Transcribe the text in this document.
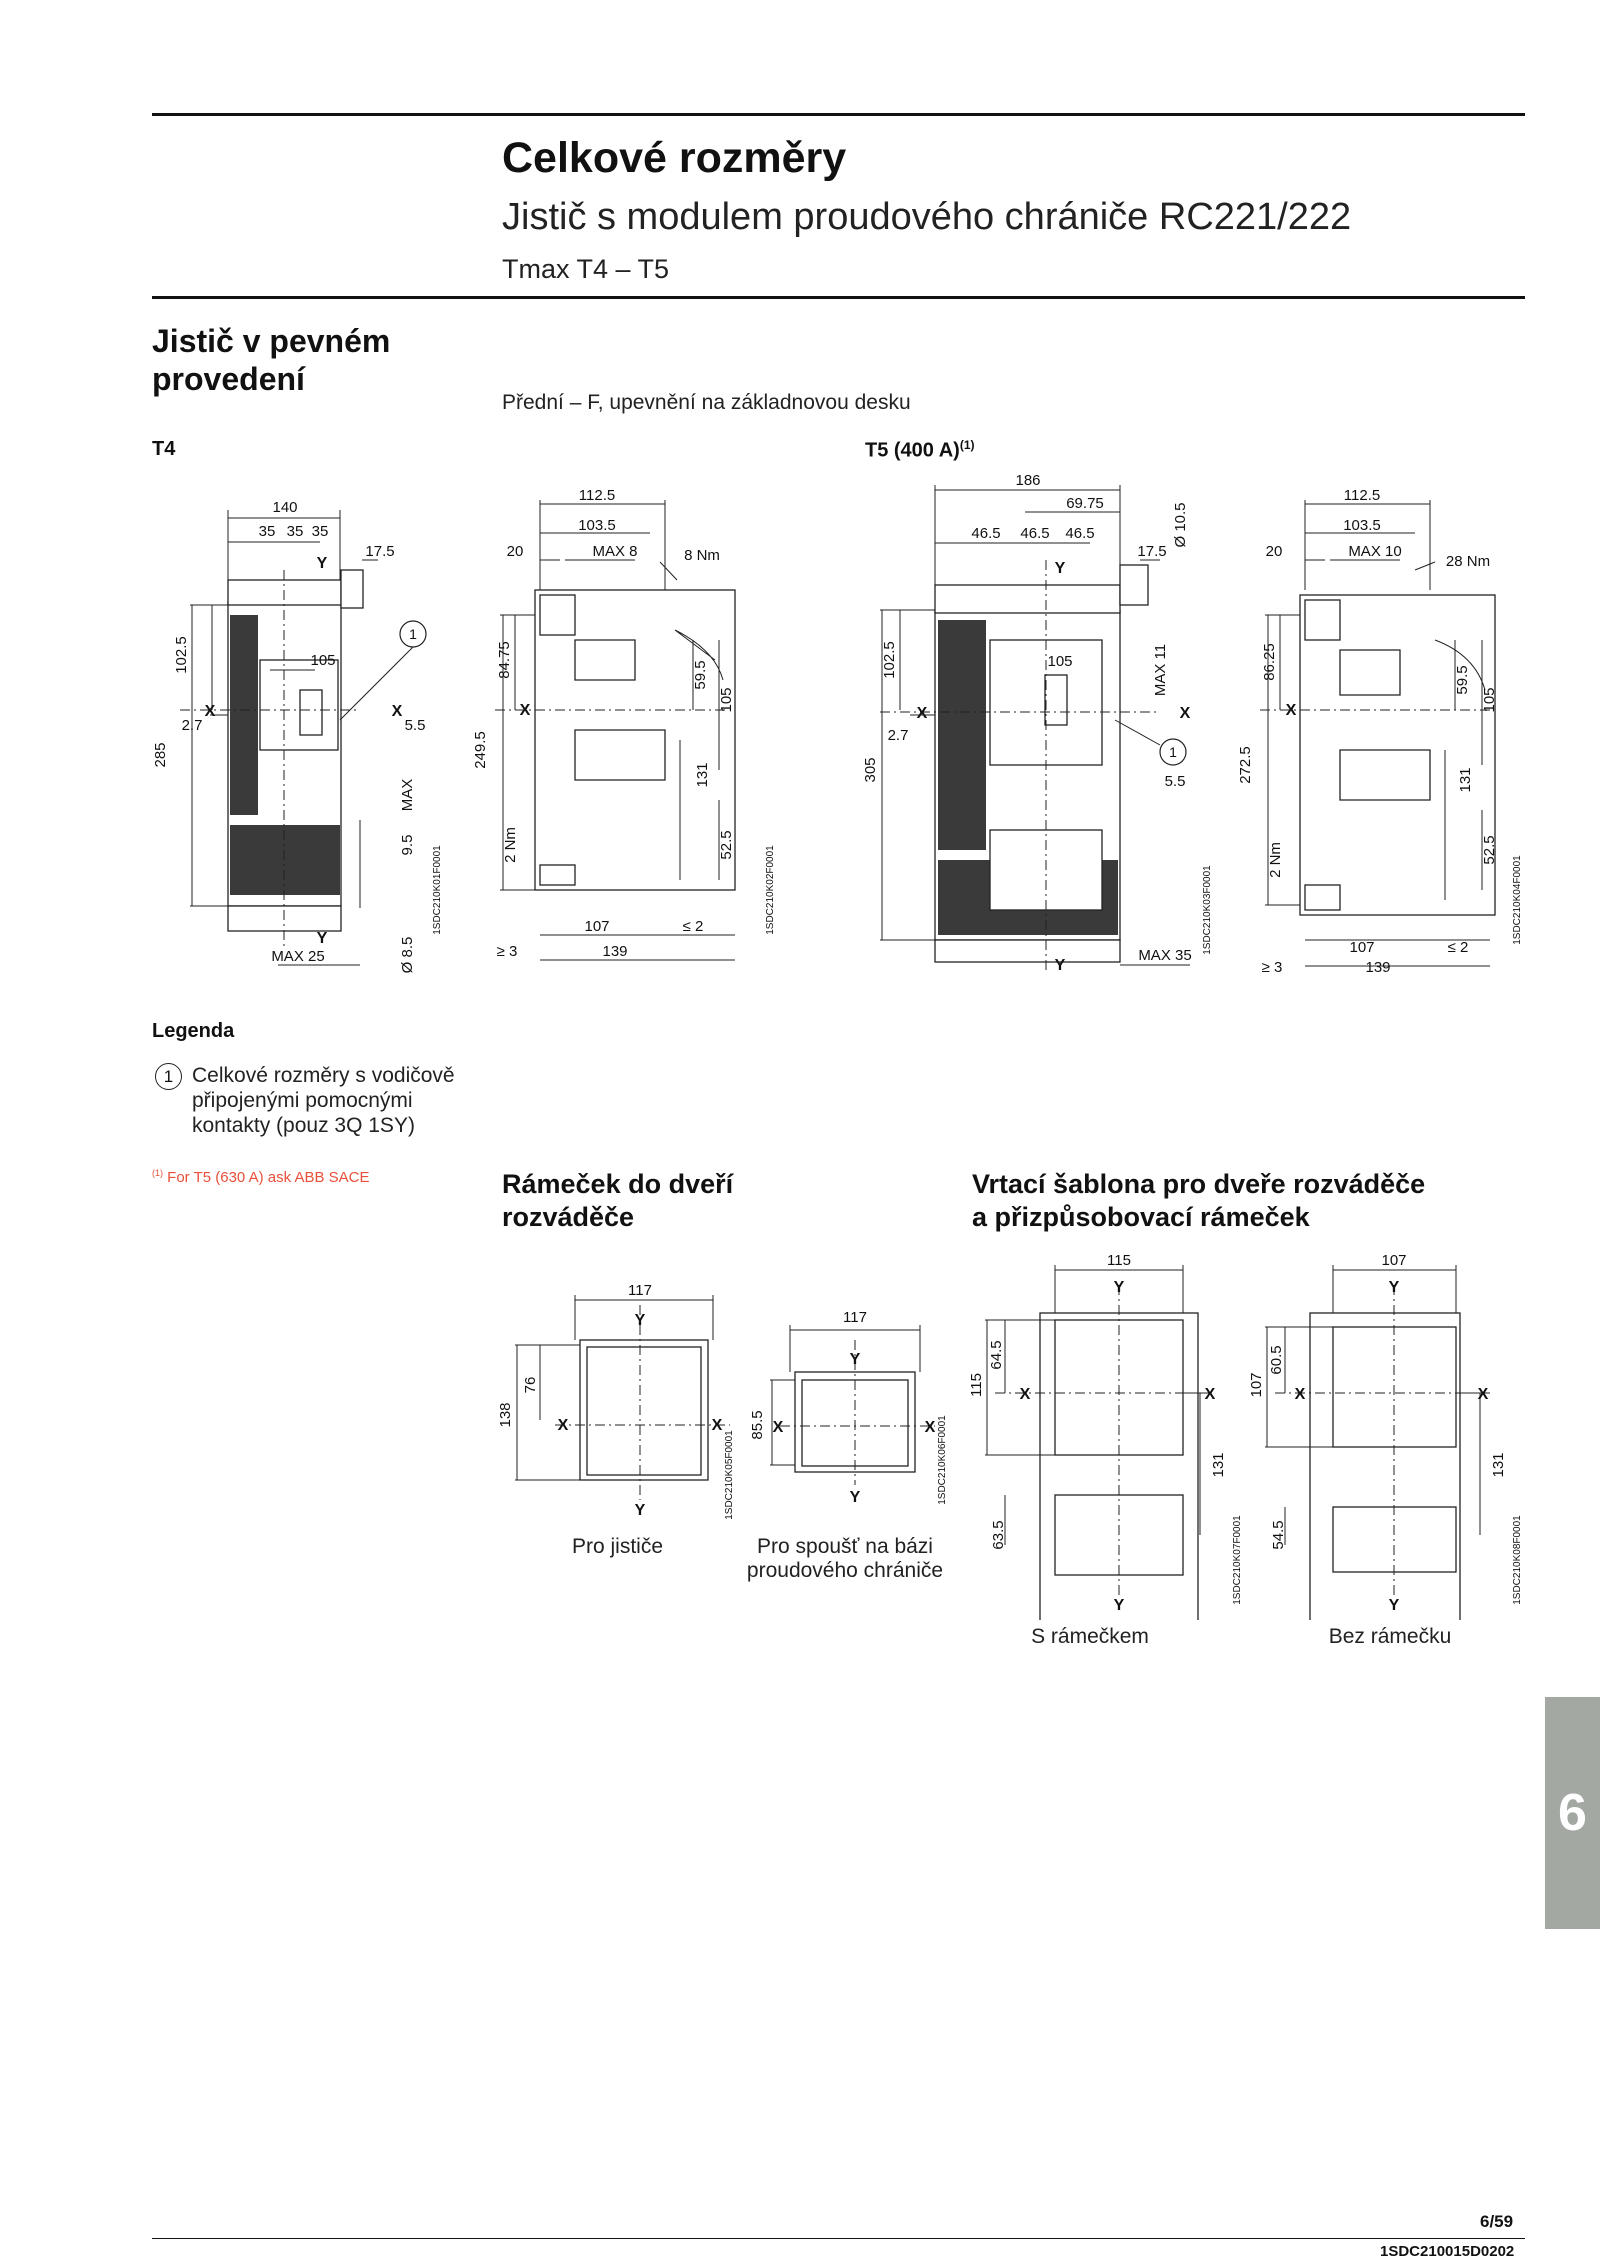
Celkové rozměry
Jistič s modulem proudového chrániče RC221/222
Tmax T4 – T5
Jistič v pevném provedení
Přední – F, upevnění na základnovou desku
T4	T5 (400 A)$^{(1)}$
140
35 35 35
17.5
102.5	105
2.7	5.5
285
MAX
9.5
MAX 25	Ø 8.5
X	X
Y
Y
1
1SDC210K01F0001
112.5
103.5
20	MAX 8	8 Nm
84.75
X
59.5
105
249.5
131
52.5
2 Nm
107	≤ 2
≥ 3	139
1SDC210K02F0001
186
69.75
46.5 46.5 46.5	Ø 10.5
17.5
102.5	105	MAX 11
2.7
305	5.5
MAX 35
X	X
Y
Y
1
1SDC210K03F0001
112.5
103.5
20	MAX 10
28 Nm
86.25
X
59.5
105
272.5	131
52.5
2 Nm
107	≤ 2
≥ 3	139
1SDC210K04F0001
Legenda
1 Celkové rozměry s vodičově připojenými pomocnými kontakty (pouz 3Q 1SY)
$^{(1)}$ For T5 (630 A) ask ABB SACE	Rámeček do dveří rozváděče
Vrtací šablona pro dveře rozváděče a přizpůsobovací rámeček
117
Y
76
138	X	X
Y	1SDC210K05F0001
Pro jističe
117
Y
85.5 X	X
Y	1SDC210K06F0001
Pro spoušť na bázi proudového chrániče
115
Y
64.5
115 X	X
131
63.5
Y
1SDC210K07F0001
S rámečkem
107
Y
60.5
107 X	X
131
54.5
Y
1SDC210K08F0001
Bez rámečku
6
6/59
1SDC210015D0202
